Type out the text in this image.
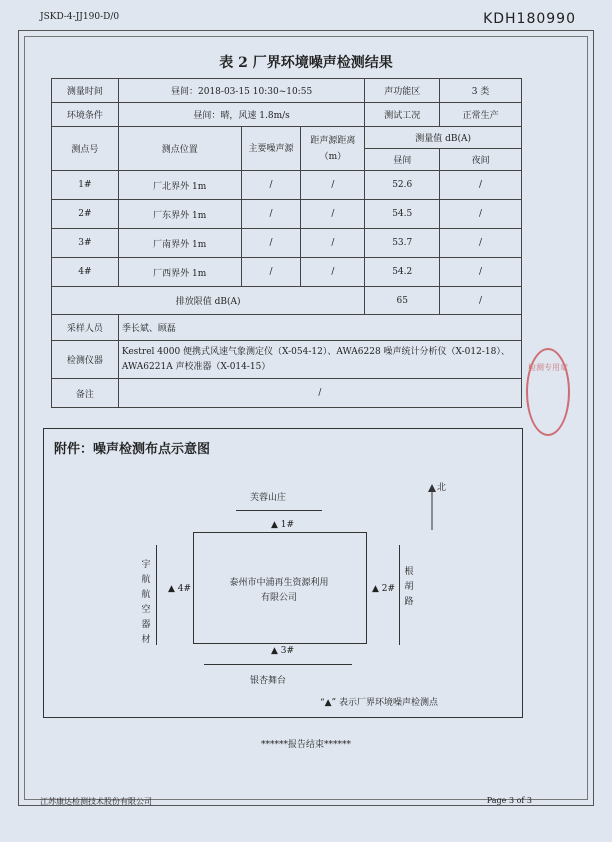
JSKD-4-JJ190-D/0	KDH180990
表 2 厂界环境噪声检测结果
测量时间	昼间：2018-03-15 10:30~10:55			声功能区	3 类
环境条件	昼间：晴，风速 1.8m/s			测试工况	正常生产
测点号	测点位置	主要噪声源	距声源距离（m）	测量值 dB(A)	
				昼间	夜间
1#	厂北界外 1m	/	/	52.6	/
2#	厂东界外 1m	/	/	54.5	/
3#	厂南界外 1m	/	/	53.7	/
4#	厂西界外 1m	/	/	54.2	/
排放限值 dB(A)				65	/
采样人员	季长斌、顾磊				
检测仪器	Kestrel 4000 便携式风速气象测定仪（X-054-12）、AWA6228 噪声统计分析仪（X-012-18）、AWA6221A 声校准器（X-014-15）				
备注	/				
检测专用章
附件：噪声检测布点示意图
北
芙蓉山庄
▲ 1#
泰州市中浦再生资源利用
有限公司
▲ 4#	▲ 2#
宇航航空器材
根胡路
▲ 3#
银杏舞台
“▲” 表示厂界环境噪声检测点
******报告结束******
江苏康达检测技术股份有限公司	Page 3 of 3
